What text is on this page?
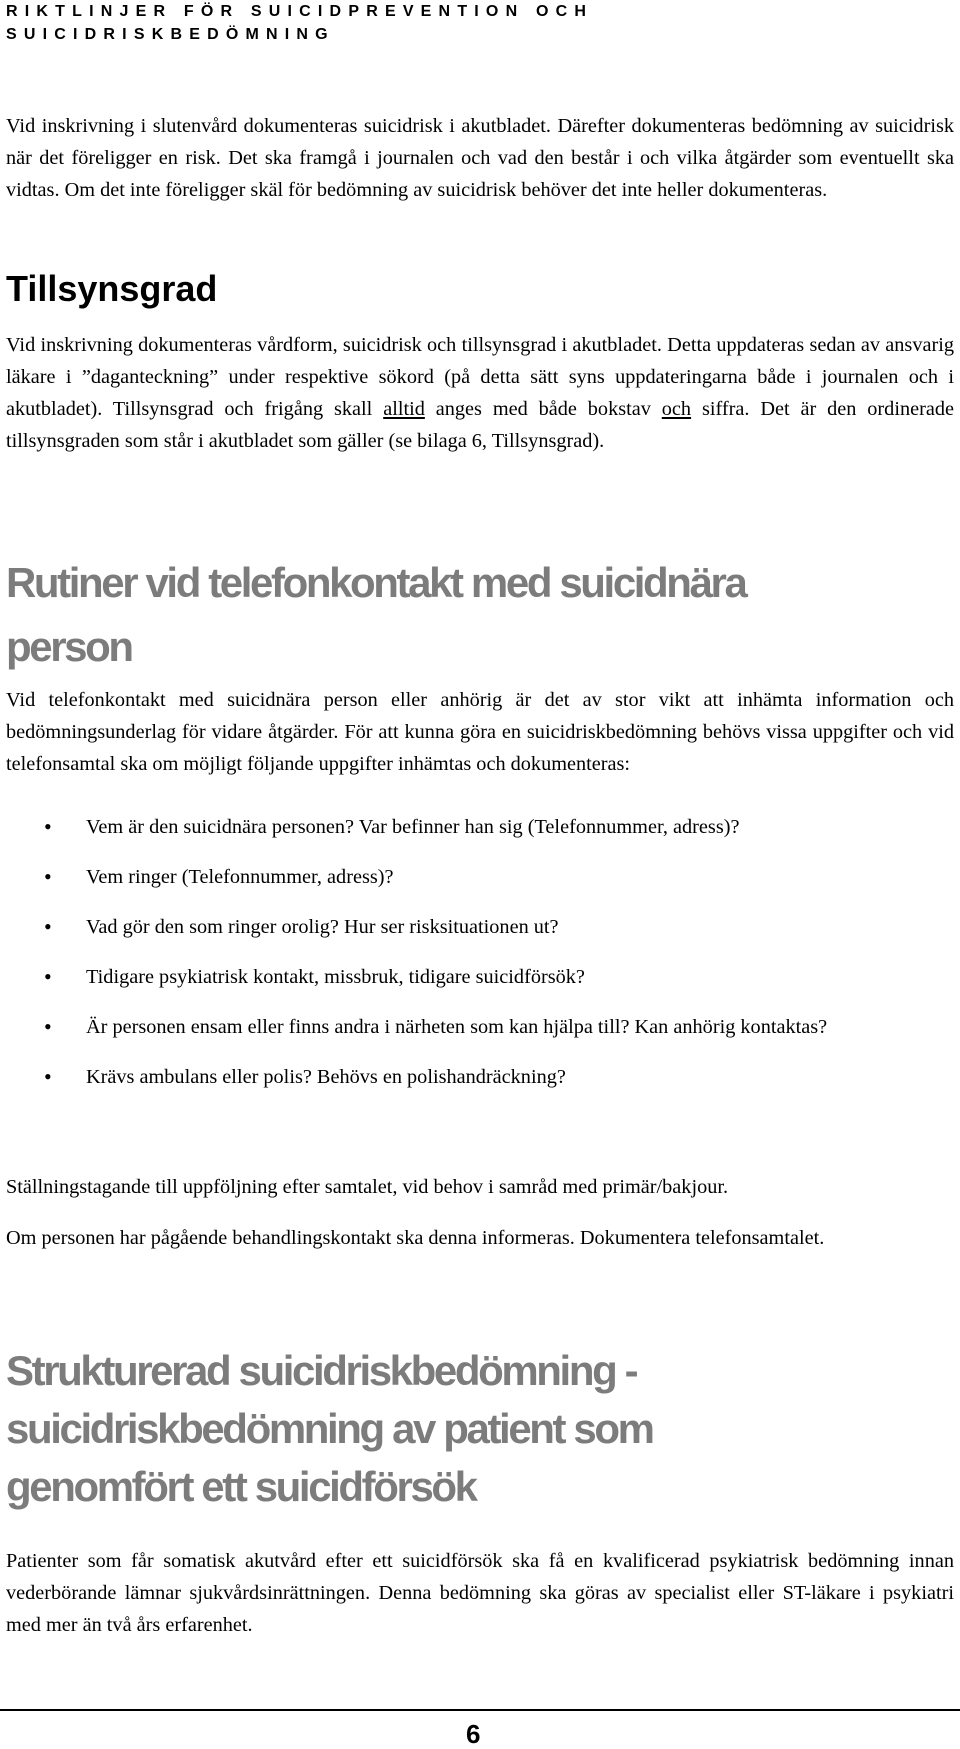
RIKTLINJER FÖR SUICIDPREVENTION OCH
SUICIDRISKBEDÖMNING

Vid inskrivning i slutenvård dokumenteras suicidrisk i akutbladet. Därefter dokumenteras bedömning av suicidrisk när det föreligger en risk. Det ska framgå i journalen och vad den består i och vilka åtgärder som eventuellt ska vidtas. Om det inte föreligger skäl för bedömning av suicidrisk behöver det inte heller dokumenteras.

Tillsynsgrad

Vid inskrivning dokumenteras vårdform, suicidrisk och tillsynsgrad i akutbladet. Detta uppdateras sedan av ansvarig läkare i ”daganteckning” under respektive sökord (på detta sätt syns uppdateringarna både i journalen och i akutbladet). Tillsynsgrad och frigång skall alltid anges med både bokstav och siffra. Det är den ordinerade tillsynsgraden som står i akutbladet som gäller (se bilaga 6, Tillsynsgrad).

Rutiner vid telefonkontakt med suicidnära
person

Vid telefonkontakt med suicidnära person eller anhörig är det av stor vikt att inhämta information och bedömningsunderlag för vidare åtgärder. För att kunna göra en suicidriskbedömning behövs vissa uppgifter och vid telefonsamtal ska om möjligt följande uppgifter inhämtas och dokumenteras:

• Vem är den suicidnära personen? Var befinner han sig (Telefonnummer, adress)?
• Vem ringer (Telefonnummer, adress)?
• Vad gör den som ringer orolig? Hur ser risksituationen ut?
• Tidigare psykiatrisk kontakt, missbruk, tidigare suicidförsök?
• Är personen ensam eller finns andra i närheten som kan hjälpa till? Kan anhörig kontaktas?
• Krävs ambulans eller polis? Behövs en polishandräckning?

Ställningstagande till uppföljning efter samtalet, vid behov i samråd med primär/bakjour.

Om personen har pågående behandlingskontakt ska denna informeras. Dokumentera telefonsamtalet.

Strukturerad suicidriskbedömning -
suicidriskbedömning av patient som
genomfört ett suicidförsök

Patienter som får somatisk akutvård efter ett suicidförsök ska få en kvalificerad psykiatrisk bedömning innan vederbörande lämnar sjukvårdsinrättningen. Denna bedömning ska göras av specialist eller ST-läkare i psykiatri med mer än två års erfarenhet.

6
